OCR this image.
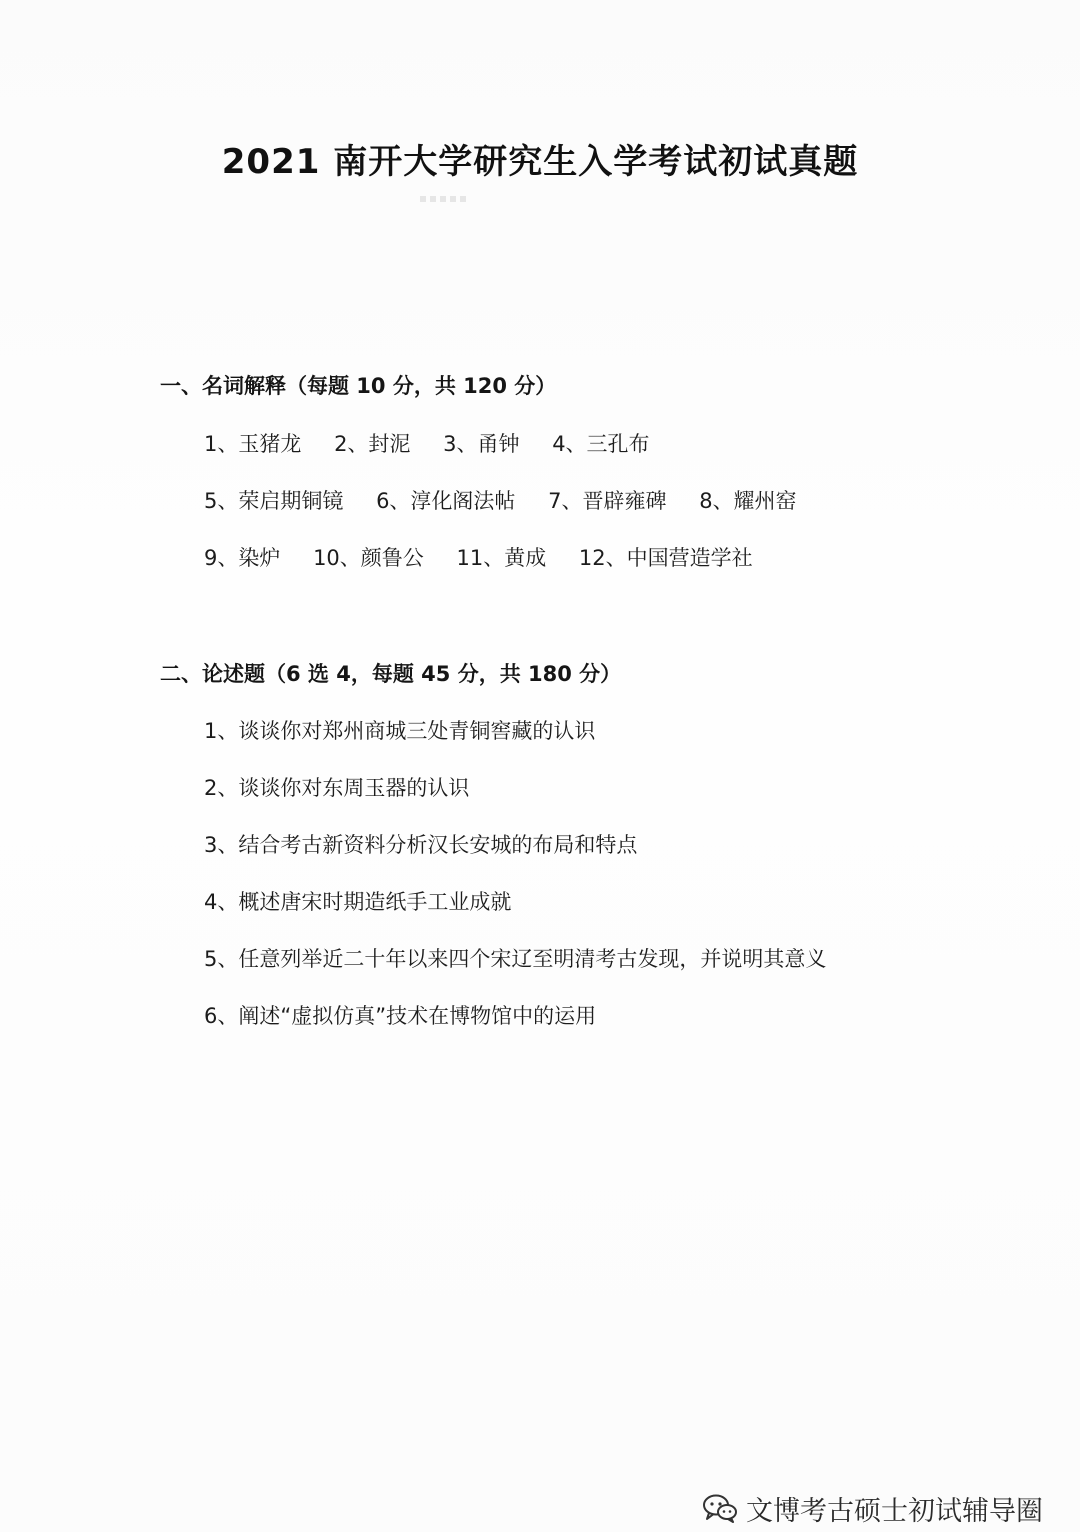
2021 南开大学研究生入学考试初试真题
一、名词解释（每题 10 分，共 120 分）
1、玉猪龙 2、封泥 3、甬钟 4、三孔布
5、荣启期铜镜 6、淳化阁法帖 7、晋辟雍碑 8、耀州窑
9、染炉 10、颜鲁公 11、黄成 12、中国营造学社
二、论述题（6 选 4，每题 45 分，共 180 分）
1、谈谈你对郑州商城三处青铜窖藏的认识
2、谈谈你对东周玉器的认识
3、结合考古新资料分析汉长安城的布局和特点
4、概述唐宋时期造纸手工业成就
5、任意列举近二十年以来四个宋辽至明清考古发现，并说明其意义
6、阐述“虚拟仿真”技术在博物馆中的运用
文博考古硕士初试辅导圈
